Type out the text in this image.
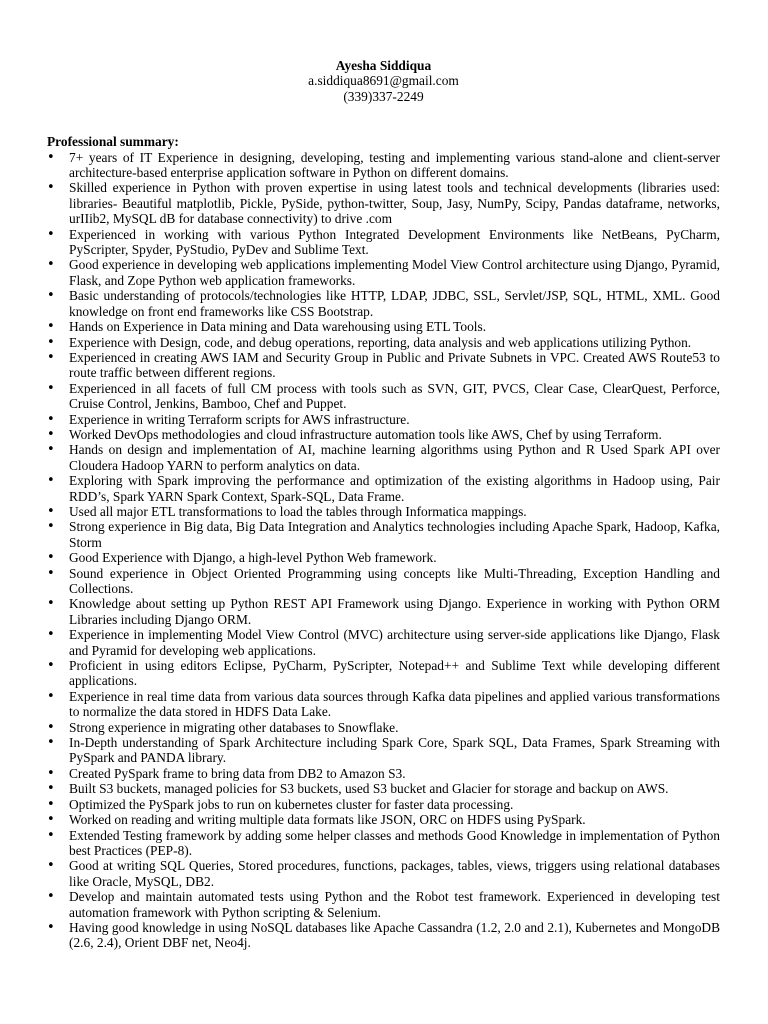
Ayesha Siddiqua
a.siddiqua8691@gmail.com
(339)337-2249
Professional summary:
• 7+ years of IT Experience in designing, developing, testing and implementing various stand-alone and client-server architecture-based enterprise application software in Python on different domains.
• Skilled experience in Python with proven expertise in using latest tools and technical developments (libraries used: libraries- Beautiful matplotlib, Pickle, PySide, python-twitter, Soup, Jasy, NumPy, Scipy, Pandas dataframe, networks, urIIib2, MySQL dB for database connectivity) to drive .com
• Experienced in working with various Python Integrated Development Environments like NetBeans, PyCharm, PyScripter, Spyder, PyStudio, PyDev and Sublime Text.
• Good experience in developing web applications implementing Model View Control architecture using Django, Pyramid, Flask, and Zope Python web application frameworks.
• Basic understanding of protocols/technologies like HTTP, LDAP, JDBC, SSL, Servlet/JSP, SQL, HTML, XML. Good knowledge on front end frameworks like CSS Bootstrap.
• Hands on Experience in Data mining and Data warehousing using ETL Tools.
• Experience with Design, code, and debug operations, reporting, data analysis and web applications utilizing Python.
• Experienced in creating AWS IAM and Security Group in Public and Private Subnets in VPC. Created AWS Route53 to route traffic between different regions.
• Experienced in all facets of full CM process with tools such as SVN, GIT, PVCS, Clear Case, ClearQuest, Perforce, Cruise Control, Jenkins, Bamboo, Chef and Puppet.
• Experience in writing Terraform scripts for AWS infrastructure.
• Worked DevOps methodologies and cloud infrastructure automation tools like AWS, Chef by using Terraform.
• Hands on design and implementation of AI, machine learning algorithms using Python and R Used Spark API over Cloudera Hadoop YARN to perform analytics on data.
• Exploring with Spark improving the performance and optimization of the existing algorithms in Hadoop using, Pair RDD’s, Spark YARN Spark Context, Spark-SQL, Data Frame.
• Used all major ETL transformations to load the tables through Informatica mappings.
• Strong experience in Big data, Big Data Integration and Analytics technologies including Apache Spark, Hadoop, Kafka, Storm
• Good Experience with Django, a high-level Python Web framework.
• Sound experience in Object Oriented Programming using concepts like Multi-Threading, Exception Handling and Collections.
• Knowledge about setting up Python REST API Framework using Django. Experience in working with Python ORM Libraries including Django ORM.
• Experience in implementing Model View Control (MVC) architecture using server-side applications like Django, Flask and Pyramid for developing web applications.
• Proficient in using editors Eclipse, PyCharm, PyScripter, Notepad++ and Sublime Text while developing different applications.
• Experience in real time data from various data sources through Kafka data pipelines and applied various transformations to normalize the data stored in HDFS Data Lake.
• Strong experience in migrating other databases to Snowflake.
• In-Depth understanding of Spark Architecture including Spark Core, Spark SQL, Data Frames, Spark Streaming with PySpark and PANDA library.
• Created PySpark frame to bring data from DB2 to Amazon S3.
• Built S3 buckets, managed policies for S3 buckets, used S3 bucket and Glacier for storage and backup on AWS.
• Optimized the PySpark jobs to run on kubernetes cluster for faster data processing.
• Worked on reading and writing multiple data formats like JSON, ORC on HDFS using PySpark.
• Extended Testing framework by adding some helper classes and methods Good Knowledge in implementation of Python best Practices (PEP-8).
• Good at writing SQL Queries, Stored procedures, functions, packages, tables, views, triggers using relational databases like Oracle, MySQL, DB2.
• Develop and maintain automated tests using Python and the Robot test framework. Experienced in developing test automation framework with Python scripting & Selenium.
• Having good knowledge in using NoSQL databases like Apache Cassandra (1.2, 2.0 and 2.1), Kubernetes and MongoDB (2.6, 2.4), Orient DBF net, Neo4j.
